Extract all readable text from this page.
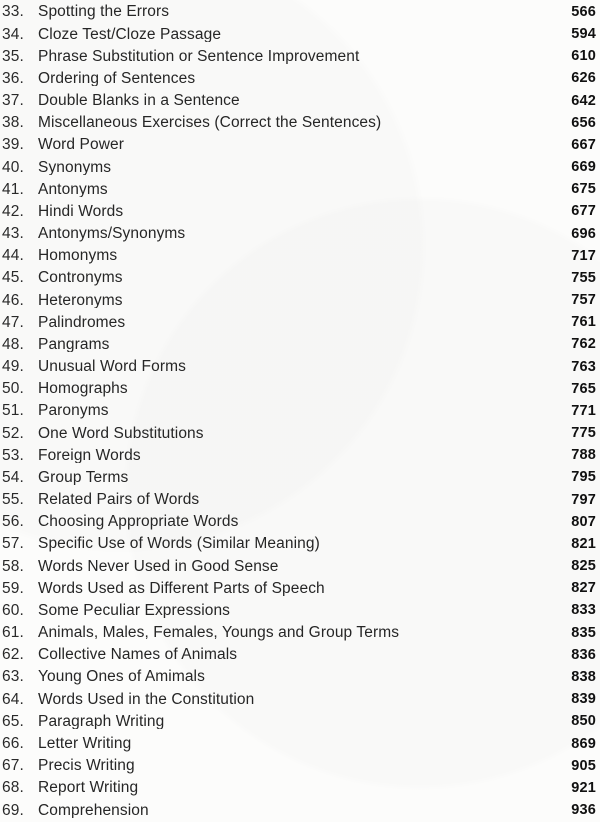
33. Spotting the Errors	566
34. Cloze Test/Cloze Passage	594
35. Phrase Substitution or Sentence Improvement	610
36. Ordering of Sentences	626
37. Double Blanks in a Sentence	642
38. Miscellaneous Exercises (Correct the Sentences)	656
39. Word Power	667
40. Synonyms	669
41. Antonyms	675
42. Hindi Words	677
43. Antonyms/Synonyms	696
44. Homonyms	717
45. Contronyms	755
46. Heteronyms	757
47. Palindromes	761
48. Pangrams	762
49. Unusual Word Forms	763
50. Homographs	765
51. Paronyms	771
52. One Word Substitutions	775
53. Foreign Words	788
54. Group Terms	795
55. Related Pairs of Words	797
56. Choosing Appropriate Words	807
57. Specific Use of Words (Similar Meaning)	821
58. Words Never Used in Good Sense	825
59. Words Used as Different Parts of Speech	827
60. Some Peculiar Expressions	833
61. Animals, Males, Females, Youngs and Group Terms	835
62. Collective Names of Animals	836
63. Young Ones of Amimals	838
64. Words Used in the Constitution	839
65. Paragraph Writing	850
66. Letter Writing	869
67. Precis Writing	905
68. Report Writing	921
69. Comprehension	936
